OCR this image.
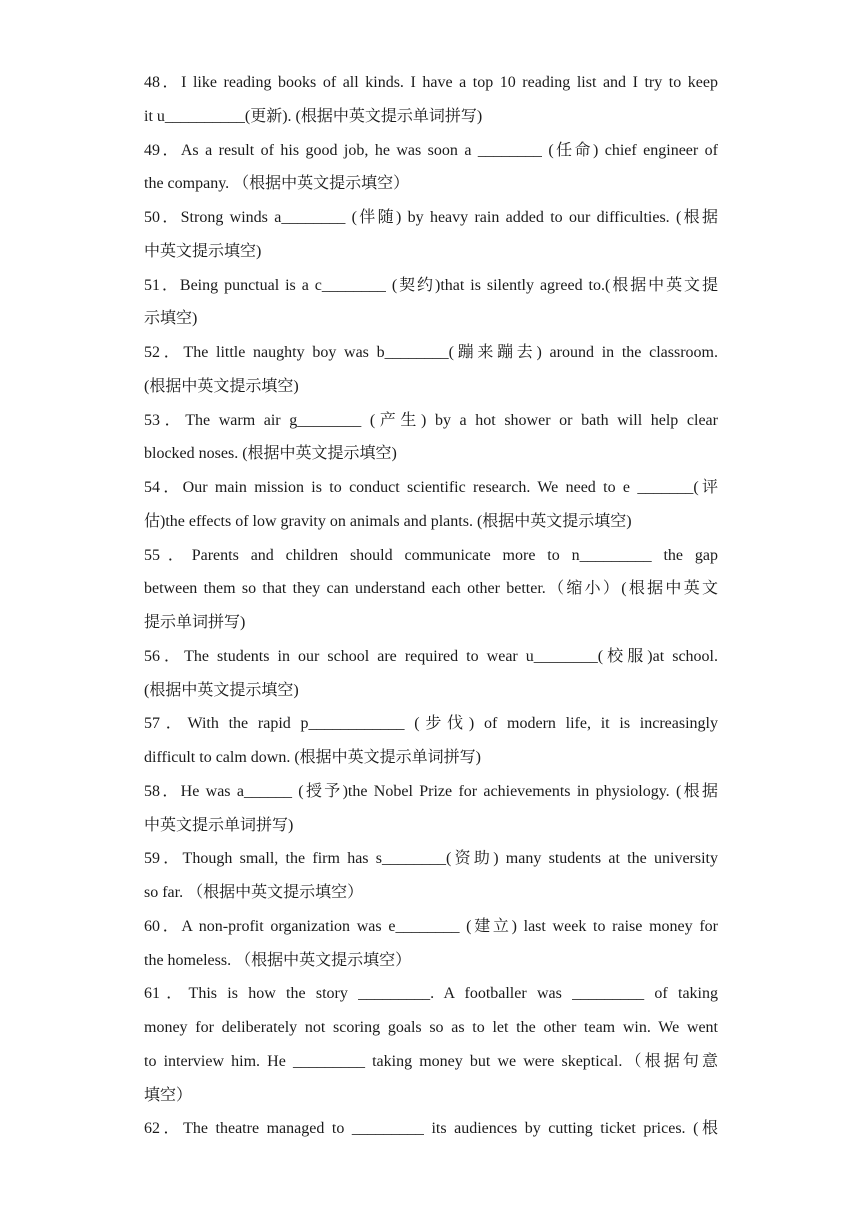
48．I like reading books of all kinds. I have a top 10 reading list and I try to keep
it u__________(更新). (根据中英文提示单词拼写)
49．As a result of his good job, he was soon a ________ (任命) chief engineer of
the company. （根据中英文提示填空）
50．Strong winds a________ (伴随) by heavy rain added to our difficulties. (根据
中英文提示填空)
51．Being punctual is a c________ (契约)that is silently agreed to.(根据中英文提
示填空)
52．The little naughty boy was b________(蹦来蹦去) around in the classroom.
(根据中英文提示填空)
53．The warm air g________ (产生) by a hot shower or bath will help clear
blocked noses. (根据中英文提示填空)
54．Our main mission is to conduct scientific research. We need to e _______(评
估)the effects of low gravity on animals and plants. (根据中英文提示填空)
55．Parents and children should communicate more to n_________ the gap
between them so that they can understand each other better.（缩小）(根据中英文
提示单词拼写)
56．The students in our school are required to wear u________(校服)at school.
(根据中英文提示填空)
57．With the rapid p____________ (步伐) of modern life, it is increasingly
difficult to calm down. (根据中英文提示单词拼写)
58．He was a______ (授予)the Nobel Prize for achievements in physiology. (根据
中英文提示单词拼写)
59．Though small, the firm has s________(资助) many students at the university
so far. （根据中英文提示填空）
60．A non-profit organization was e________ (建立) last week to raise money for
the homeless. （根据中英文提示填空）
61．This is how the story _________. A footballer was _________ of taking
money for deliberately not scoring goals so as to let the other team win. We went
to interview him. He _________ taking money but we were skeptical.（根据句意
填空）
62．The theatre managed to _________ its audiences by cutting ticket prices. (根
